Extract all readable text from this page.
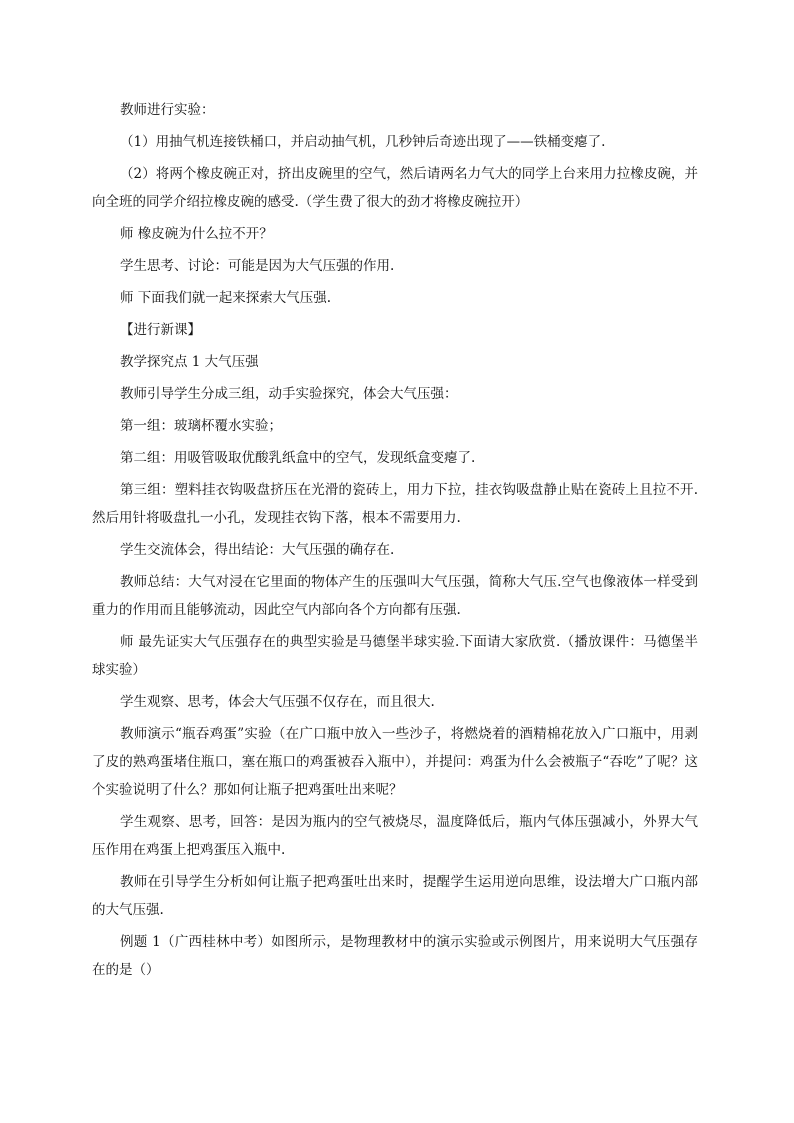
教师进行实验：

（1）用抽气机连接铁桶口，并启动抽气机，几秒钟后奇迹出现了——铁桶变瘪了.

（2）将两个橡皮碗正对，挤出皮碗里的空气，然后请两名力气大的同学上台来用力拉橡皮碗，并向全班的同学介绍拉橡皮碗的感受.（学生费了很大的劲才将橡皮碗拉开）

师 橡皮碗为什么拉不开？

学生思考、讨论：可能是因为大气压强的作用.

师 下面我们就一起来探索大气压强.

【进行新课】

教学探究点 1 大气压强

教师引导学生分成三组，动手实验探究，体会大气压强：

第一组：玻璃杯覆水实验；

第二组：用吸管吸取优酸乳纸盒中的空气，发现纸盒变瘪了.

第三组：塑料挂衣钩吸盘挤压在光滑的瓷砖上，用力下拉，挂衣钩吸盘静止贴在瓷砖上且拉不开.然后用针将吸盘扎一小孔，发现挂衣钩下落，根本不需要用力.

学生交流体会，得出结论：大气压强的确存在.

教师总结：大气对浸在它里面的物体产生的压强叫大气压强，简称大气压.空气也像液体一样受到重力的作用而且能够流动，因此空气内部向各个方向都有压强.

师 最先证实大气压强存在的典型实验是马德堡半球实验.下面请大家欣赏.（播放课件：马德堡半球实验）

学生观察、思考，体会大气压强不仅存在，而且很大.

教师演示“瓶吞鸡蛋”实验（在广口瓶中放入一些沙子，将燃烧着的酒精棉花放入广口瓶中，用剥了皮的熟鸡蛋堵住瓶口，塞在瓶口的鸡蛋被吞入瓶中），并提问：鸡蛋为什么会被瓶子“吞吃”了呢？这个实验说明了什么？那如何让瓶子把鸡蛋吐出来呢？

学生观察、思考，回答：是因为瓶内的空气被烧尽，温度降低后，瓶内气体压强减小，外界大气压作用在鸡蛋上把鸡蛋压入瓶中.

教师在引导学生分析如何让瓶子把鸡蛋吐出来时，提醒学生运用逆向思维，设法增大广口瓶内部的大气压强.

例题 1（广西桂林中考）如图所示，是物理教材中的演示实验或示例图片，用来说明大气压强存在的是（）
